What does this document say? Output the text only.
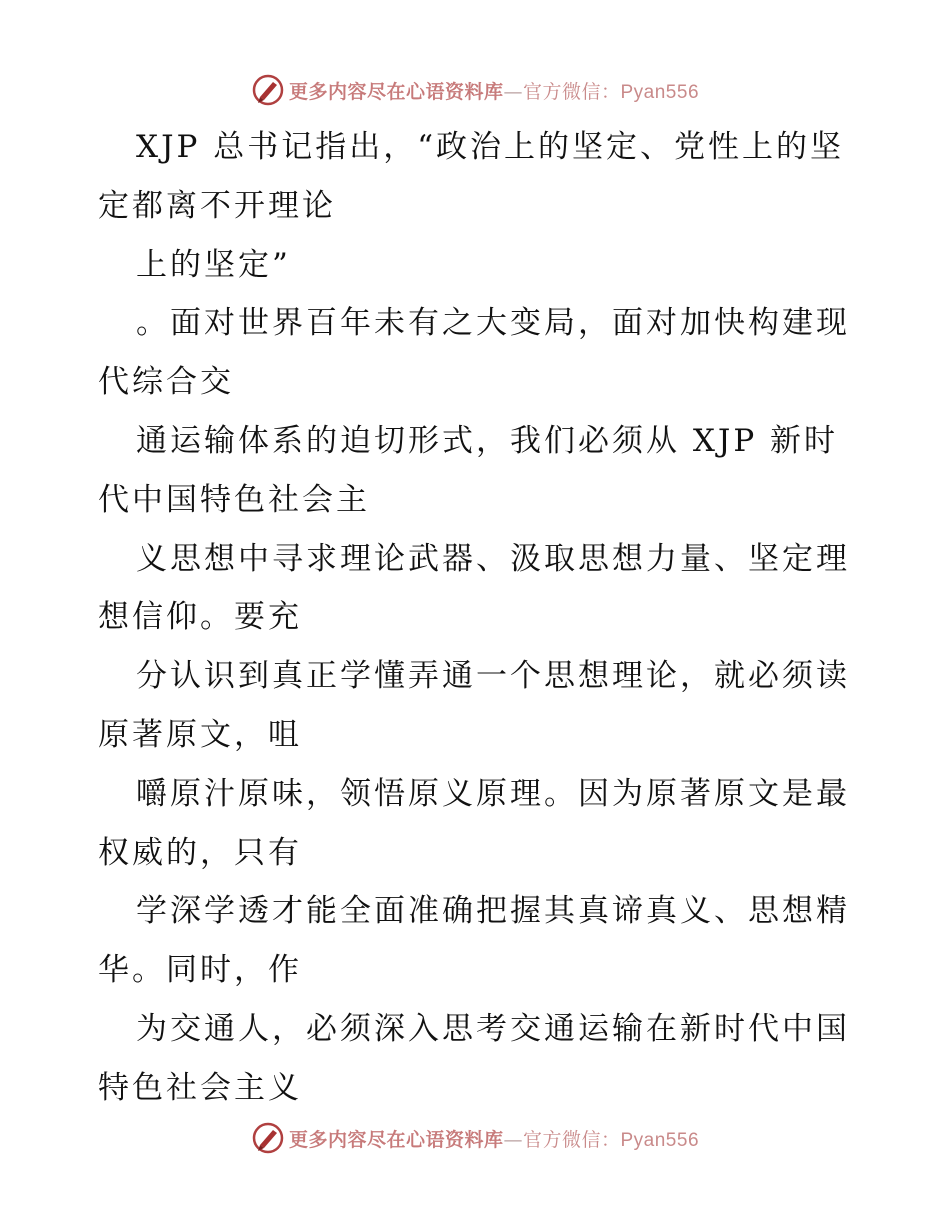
更多内容尽在心语资料库—官方微信：Pyan556
XJP 总书记指出，“政治上的坚定、党性上的坚
定都离不开理论
上的坚定”
。面对世界百年未有之大变局，面对加快构建现
代综合交
通运输体系的迫切形式，我们必须从 XJP 新时
代中国特色社会主
义思想中寻求理论武器、汲取思想力量、坚定理
想信仰。要充
分认识到真正学懂弄通一个思想理论，就必须读
原著原文，咀
嚼原汁原味，领悟原义原理。因为原著原文是最
权威的，只有
学深学透才能全面准确把握其真谛真义、思想精
华。同时，作
为交通人，必须深入思考交通运输在新时代中国
特色社会主义
更多内容尽在心语资料库—官方微信：Pyan556
